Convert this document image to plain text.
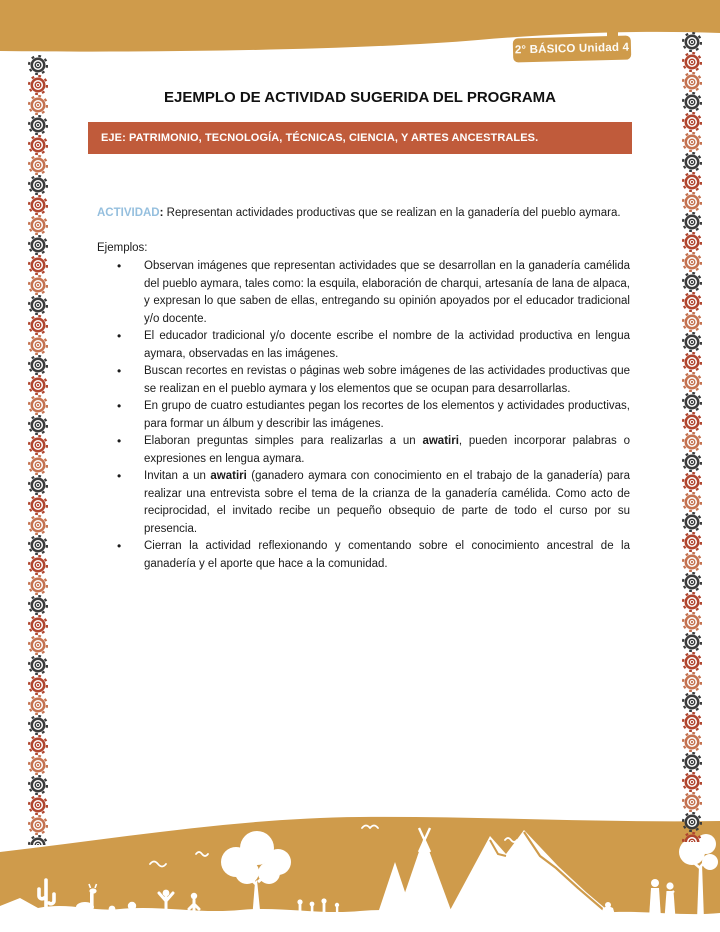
2° BÁSICO Unidad 4
EJEMPLO DE ACTIVIDAD SUGERIDA DEL PROGRAMA
EJE: PATRIMONIO, TECNOLOGÍA, TÉCNICAS, CIENCIA, Y ARTES ANCESTRALES.

ACTIVIDAD: Representan actividades productivas que se realizan en la ganadería del pueblo aymara.

Ejemplos:
• Observan imágenes que representan actividades que se desarrollan en la ganadería camélida del pueblo aymara, tales como: la esquila, elaboración de charqui, artesanía de lana de alpaca, y expresan lo que saben de ellas, entregando su opinión apoyados por el educador tradicional y/o docente.
• El educador tradicional y/o docente escribe el nombre de la actividad productiva en lengua aymara, observadas en las imágenes.
• Buscan recortes en revistas o páginas web sobre imágenes de las actividades productivas que se realizan en el pueblo aymara y los elementos que se ocupan para desarrollarlas.
• En grupo de cuatro estudiantes pegan los recortes de los elementos y actividades productivas, para formar un álbum y describir las imágenes.
• Elaboran preguntas simples para realizarlas a un awatiri, pueden incorporar palabras o expresiones en lengua aymara.
• Invitan a un awatiri (ganadero aymara con conocimiento en el trabajo de la ganadería) para realizar una entrevista sobre el tema de la crianza de la ganadería camélida. Como acto de reciprocidad, el invitado recibe un pequeño obsequio de parte de todo el curso por su presencia.
• Cierran la actividad reflexionando y comentando sobre el conocimiento ancestral de la ganadería y el aporte que hace a la comunidad.
